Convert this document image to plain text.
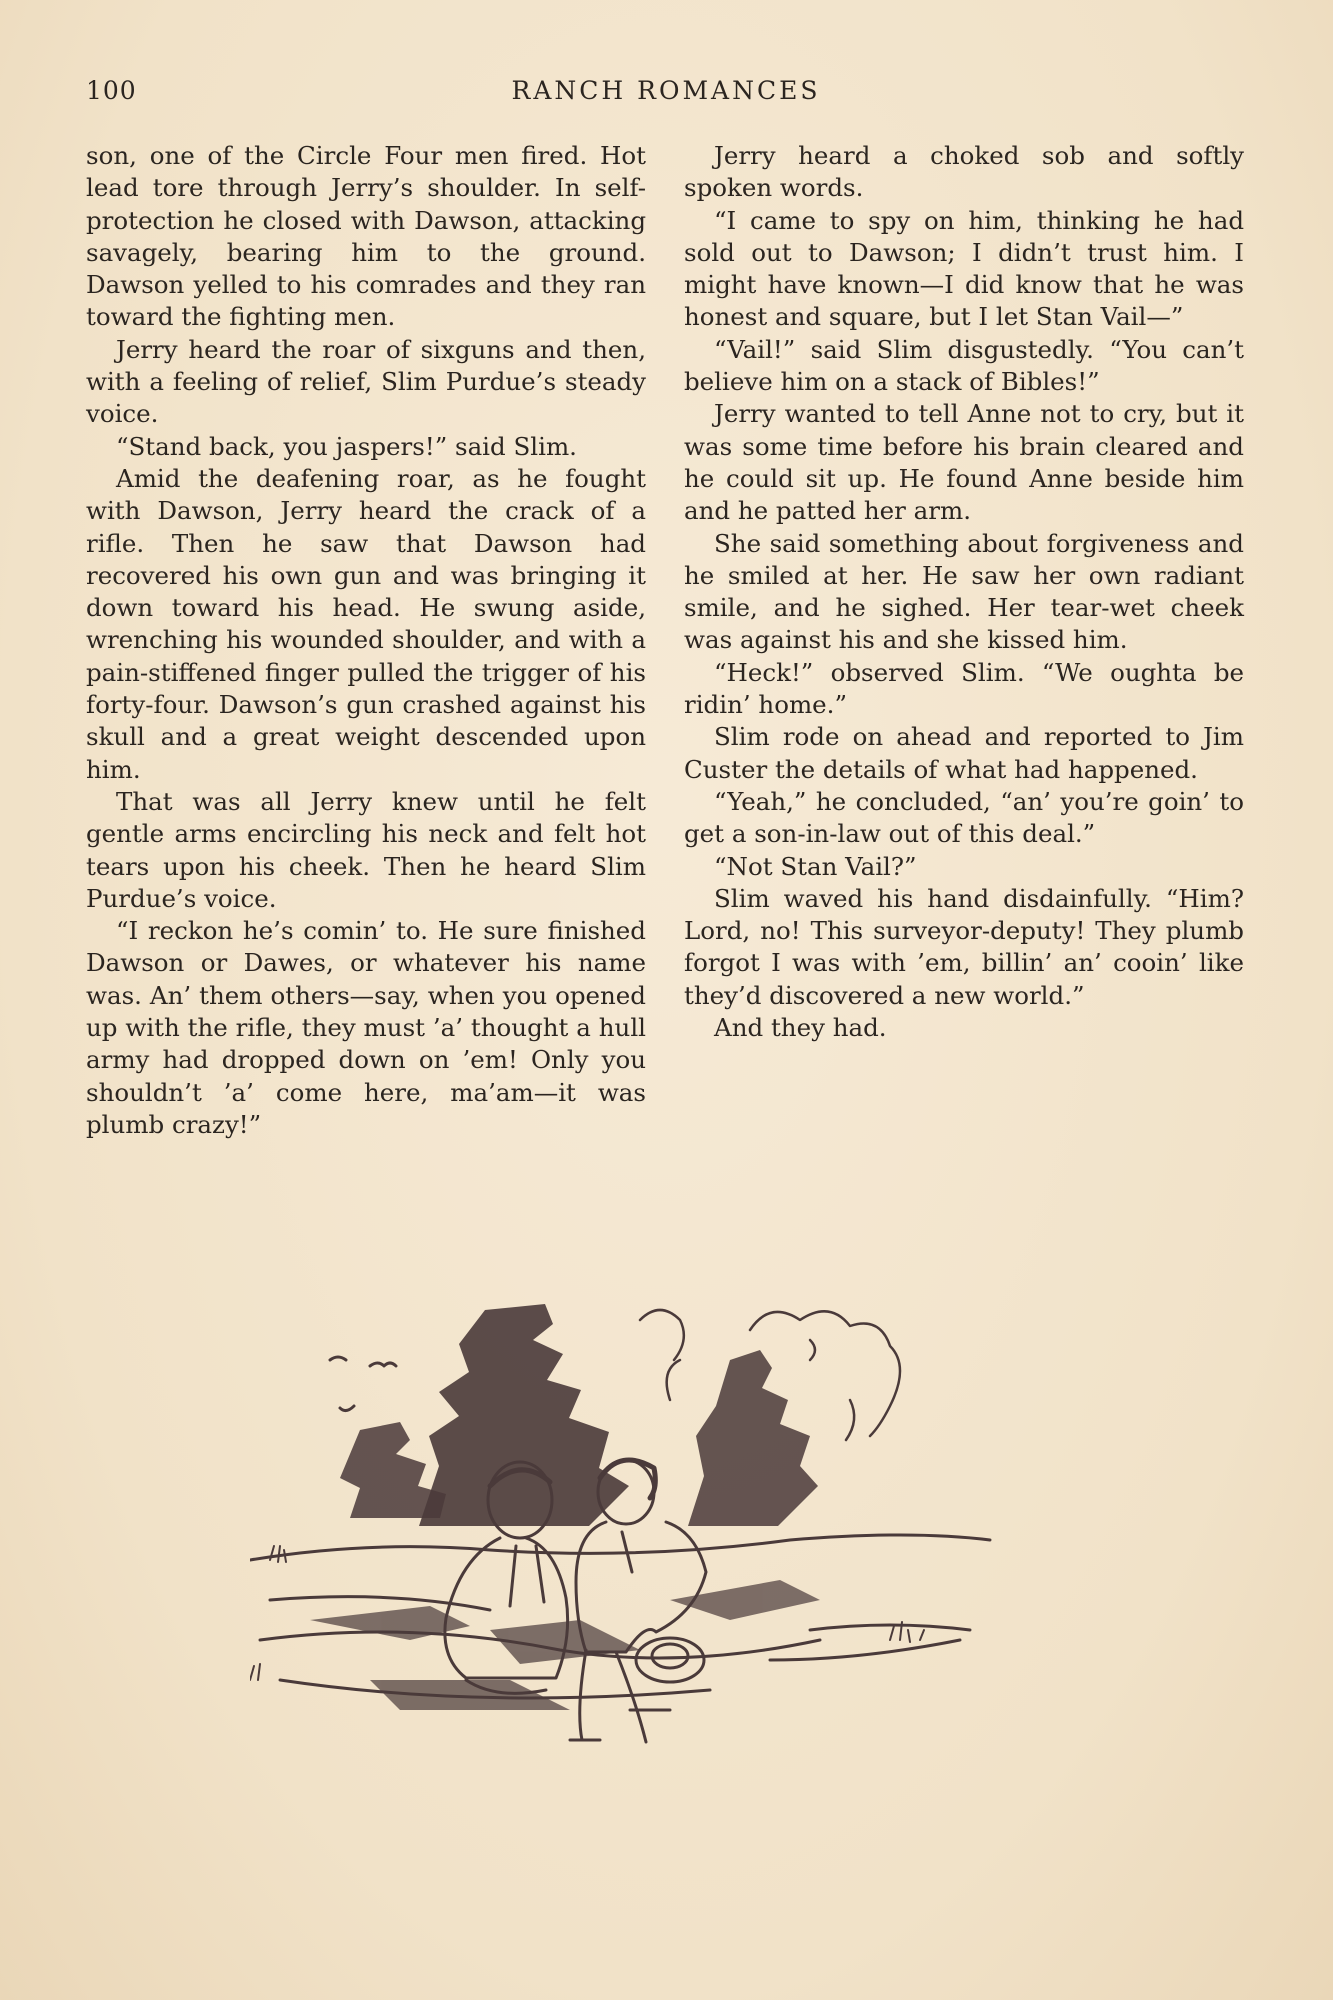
100	RANCH ROMANCES

son, one of the Circle Four men fired. Hot lead tore through Jerry’s shoulder. In self-protection he closed with Dawson, attacking savagely, bearing him to the ground. Dawson yelled to his comrades and they ran toward the fighting men.

Jerry heard the roar of sixguns and then, with a feeling of relief, Slim Purdue’s steady voice.

“Stand back, you jaspers!” said Slim.

Amid the deafening roar, as he fought with Dawson, Jerry heard the crack of a rifle. Then he saw that Dawson had recovered his own gun and was bringing it down toward his head. He swung aside, wrenching his wounded shoulder, and with a pain-stiffened finger pulled the trigger of his forty-four. Dawson’s gun crashed against his skull and a great weight descended upon him.

That was all Jerry knew until he felt gentle arms encircling his neck and felt hot tears upon his cheek. Then he heard Slim Purdue’s voice.

“I reckon he’s comin’ to. He sure finished Dawson or Dawes, or whatever his name was. An’ them others—say, when you opened up with the rifle, they must ’a’ thought a hull army had dropped down on ’em! Only you shouldn’t ’a’ come here, ma’am—it was plumb crazy!”

Jerry heard a choked sob and softly spoken words.

“I came to spy on him, thinking he had sold out to Dawson; I didn’t trust him. I might have known—I did know that he was honest and square, but I let Stan Vail—”

“Vail!” said Slim disgustedly. “You can’t believe him on a stack of Bibles!”

Jerry wanted to tell Anne not to cry, but it was some time before his brain cleared and he could sit up. He found Anne beside him and he patted her arm.

She said something about forgiveness and he smiled at her. He saw her own radiant smile, and he sighed. Her tear-wet cheek was against his and she kissed him.

“Heck!” observed Slim. “We oughta be ridin’ home.”

Slim rode on ahead and reported to Jim Custer the details of what had happened.

“Yeah,” he concluded, “an’ you’re goin’ to get a son-in-law out of this deal.”

“Not Stan Vail?”

Slim waved his hand disdainfully. “Him? Lord, no! This surveyor-deputy! They plumb forgot I was with ’em, billin’ an’ cooin’ like they’d discovered a new world.”

And they had.
